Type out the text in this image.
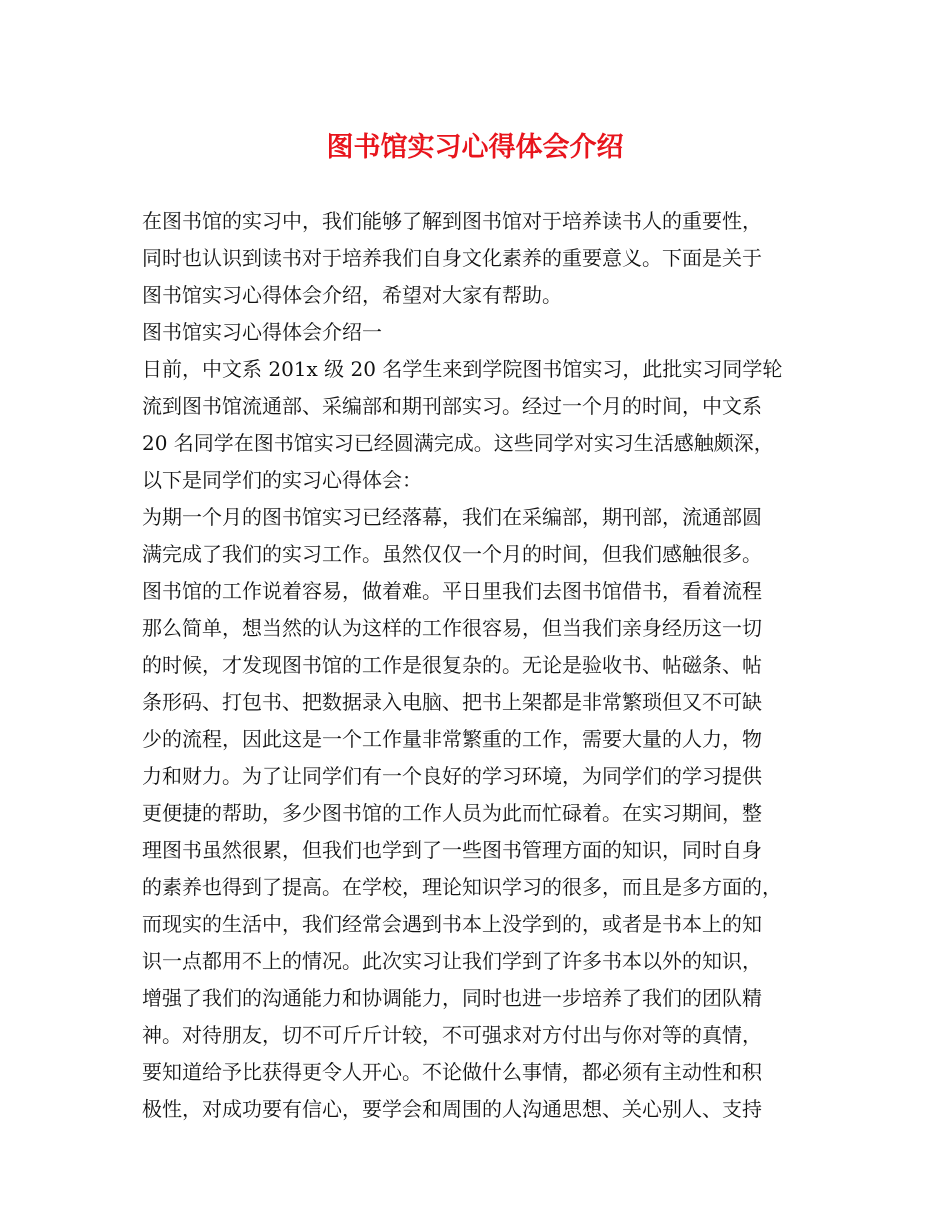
图书馆实习心得体会介绍
在图书馆的实习中，我们能够了解到图书馆对于培养读书人的重要性，
同时也认识到读书对于培养我们自身文化素养的重要意义。下面是关于
图书馆实习心得体会介绍，希望对大家有帮助。
图书馆实习心得体会介绍一
日前，中文系 201x 级 20 名学生来到学院图书馆实习，此批实习同学轮
流到图书馆流通部、采编部和期刊部实习。经过一个月的时间，中文系
20 名同学在图书馆实习已经圆满完成。这些同学对实习生活感触颇深，
以下是同学们的实习心得体会：
为期一个月的图书馆实习已经落幕，我们在采编部，期刊部，流通部圆
满完成了我们的实习工作。虽然仅仅一个月的时间，但我们感触很多。
图书馆的工作说着容易，做着难。平日里我们去图书馆借书，看着流程
那么简单，想当然的认为这样的工作很容易，但当我们亲身经历这一切
的时候，才发现图书馆的工作是很复杂的。无论是验收书、帖磁条、帖
条形码、打包书、把数据录入电脑、把书上架都是非常繁琐但又不可缺
少的流程，因此这是一个工作量非常繁重的工作，需要大量的人力，物
力和财力。为了让同学们有一个良好的学习环境，为同学们的学习提供
更便捷的帮助，多少图书馆的工作人员为此而忙碌着。在实习期间，整
理图书虽然很累，但我们也学到了一些图书管理方面的知识，同时自身
的素养也得到了提高。在学校，理论知识学习的很多，而且是多方面的，
而现实的生活中，我们经常会遇到书本上没学到的，或者是书本上的知
识一点都用不上的情况。此次实习让我们学到了许多书本以外的知识，
增强了我们的沟通能力和协调能力，同时也进一步培养了我们的团队精
神。对待朋友，切不可斤斤计较，不可强求对方付出与你对等的真情，
要知道给予比获得更令人开心。不论做什么事情，都必须有主动性和积
极性，对成功要有信心，要学会和周围的人沟通思想、关心别人、支持
